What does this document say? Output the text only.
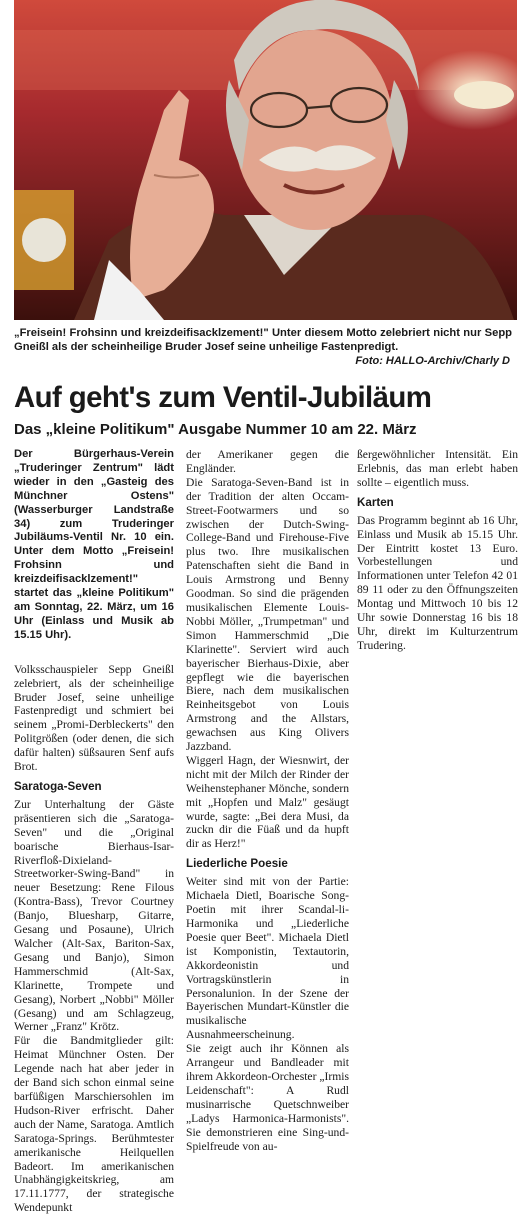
„Freisein! Frohsinn und kreizdeifisacklzement!" Unter diesem Motto zelebriert nicht nur Sepp Gneißl als der scheinheilige Bruder Josef seine unheilige Fastenpredigt.
Foto: HALLO-Archiv/Charly D
Auf geht's zum Ventil-Jubiläum
Das „kleine Politikum" Ausgabe Nummer 10 am 22. März

Der Bürgerhaus-Verein „Truderinger Zentrum" lädt wieder in den „Gasteig des Münchner Ostens" (Wasserburger Landstraße 34) zum Truderinger Jubiläums-Ventil Nr. 10 ein. Unter dem Motto „Freisein! Frohsinn und kreizdeifisacklzement!" startet das „kleine Politikum" am Sonntag, 22. März, um 16 Uhr (Einlass und Musik ab 15.15 Uhr).

Volksschauspieler Sepp Gneißl zelebriert, als der scheinheilige Bruder Josef, seine unheilige Fastenpredigt und schmiert bei seinem „Promi-Derbleckerts" den Politgrößen (oder denen, die sich dafür halten) süßsauren Senf aufs Brot.

Saratoga-Seven

Zur Unterhaltung der Gäste präsentieren sich die „Saratoga-Seven" und die „Original boarische Bierhaus-Isar-Riverfloß-Dixieland-Streetworker-Swing-Band" in neuer Besetzung: Rene Filous (Kontra-Bass), Trevor Courtney (Banjo, Bluesharp, Gitarre, Gesang und Posaune), Ulrich Walcher (Alt-Sax, Bariton-Sax, Gesang und Banjo), Simon Hammerschmid (Alt-Sax, Klarinette, Trompete und Gesang), Norbert „Nobbi" Möller (Gesang) und am Schlagzeug, Werner „Franz" Krötz.

Für die Bandmitglieder gilt: Heimat Münchner Osten. Der Legende nach hat aber jeder in der Band sich schon einmal seine barfüßigen Marschiersohlen im Hudson-River erfrischt. Daher auch der Name, Saratoga. Amtlich Saratoga-Springs. Berühmtester amerikanische Heilquellen Badeort. Im amerikanischen Unabhängigkeitskrieg, am 17.11.1777, der strategische Wendepunkt

der Amerikaner gegen die Engländer.

Die Saratoga-Seven-Band ist in der Tradition der alten Occam-Street-Footwarmers und so zwischen der Dutch-Swing-College-Band und Firehouse-Five plus two. Ihre musikalischen Patenschaften sieht die Band in Louis Armstrong und Benny Goodman. So sind die prägenden musikalischen Elemente Louis-Nobbi Möller, „Trumpetman" und Simon Hammerschmid „Die Klarinette". Serviert wird auch bayerischer Bierhaus-Dixie, aber gepflegt wie die bayerischen Biere, nach dem musikalischen Reinheitsgebot von Louis Armstrong and the Allstars, gewachsen aus King Olivers Jazzband.

Wiggerl Hagn, der Wiesnwirt, der nicht mit der Milch der Rinder der Weihenstephaner Mönche, sondern mit „Hopfen und Malz" gesäugt wurde, sagte: „Bei dera Musi, da zuckn dir die Füaß und da hupft dir as Herz!"

Liederliche Poesie

Weiter sind mit von der Partie: Michaela Dietl, Boarische Song-Poetin mit ihrer Scandal-li-Harmonika und „Liederliche Poesie quer Beet". Michaela Dietl ist Komponistin, Textautorin, Akkordeonistin und Vortragskünstlerin in Personalunion. In der Szene der Bayerischen Mundart-Künstler die musikalische Ausnahmeerscheinung.

Sie zeigt auch ihr Können als Arrangeur und Bandleader mit ihrem Akkordeon-Orchester „Irmis Leidenschaft": A Rudl musinarrische Quetschnweiber „Ladys Harmonica-Harmonists". Sie demonstrieren eine Sing-und-Spielfreude von au-

ßergewöhnlicher Intensität. Ein Erlebnis, das man erlebt haben sollte – eigentlich muss.

Karten

Das Programm beginnt ab 16 Uhr, Einlass und Musik ab 15.15 Uhr. Der Eintritt kostet 13 Euro. Vorbestellungen und Informationen unter Telefon 42 01 89 11 oder zu den Öffnungszeiten Montag und Mittwoch 10 bis 12 Uhr sowie Donnerstag 16 bis 18 Uhr, direkt im Kulturzentrum Trudering.
